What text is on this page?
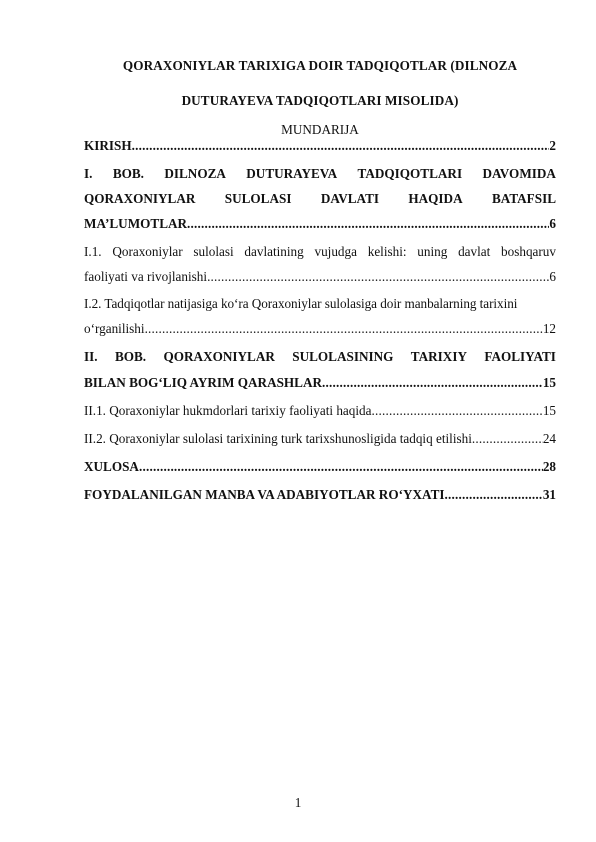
QORAXONIYLAR TARIXIGA DOIR TADQIQOTLAR (DILNOZA
DUTURAYEVA TADQIQOTLARI MISOLIDA)
MUNDARIJA
KIRISH .....	2
I. BOB. DILNOZA DUTURAYEVA TADQIQOTLARI DAVOMIDA
QORAXONIYLAR SULOLASI DAVLATI HAQIDA BATAFSIL
MA’LUMOTLAR .....	6
I.1. Qoraxoniylar sulolasi davlatining vujudga kelishi: uning davlat boshqaruv
faoliyati va rivojlanishi .....	6
I.2. Tadqiqotlar natijasiga ko‘ra Qoraxoniylar sulolasiga doir manbalarning tarixini
o‘rganilishi .....	12
II. BOB. QORAXONIYLAR SULOLASINING TARIXIY FAOLIYATI
BILAN BOG‘LIQ AYRIM QARASHLAR .....	15
II.1. Qoraxoniylar hukmdorlari tarixiy faoliyati haqida .....	15
II.2. Qoraxoniylar sulolasi tarixining turk tarixshunosligida tadqiq etilishi .....	24
XULOSA .....	28
FOYDALANILGAN MANBA VA ADABIYOTLAR RO‘YXATI .....	31
1
